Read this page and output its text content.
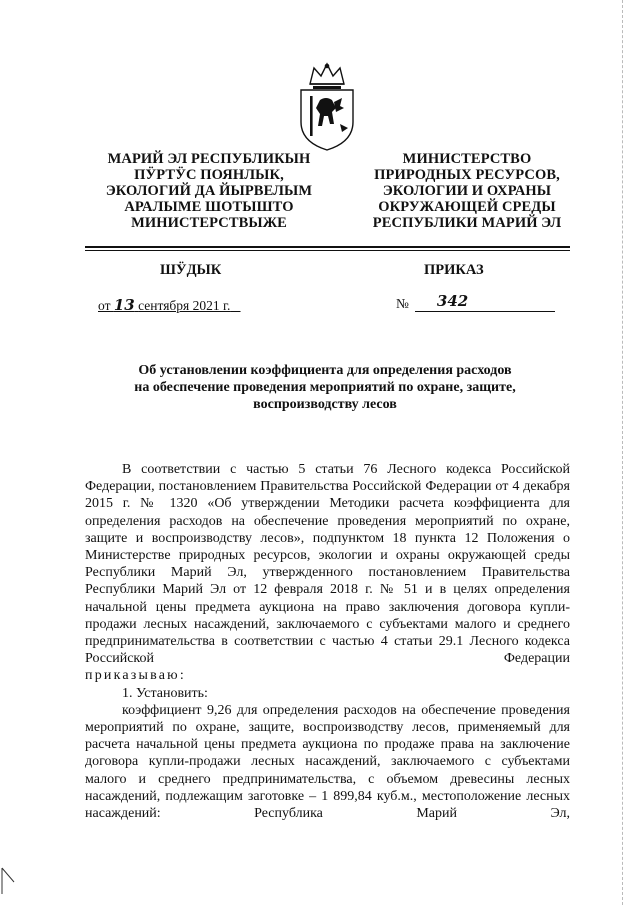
МАРИЙ ЭЛ РЕСПУБЛИКЫН
ПӰРТӰС ПОЯНЛЫК,
ЭКОЛОГИЙ ДА ЙЫРВЕЛЫМ
АРАЛЫМЕ ШОТЫШТО
МИНИСТЕРСТВЫЖЕ
МИНИСТЕРСТВО
ПРИРОДНЫХ РЕСУРСОВ,
ЭКОЛОГИИ И ОХРАНЫ
ОКРУЖАЮЩЕЙ СРЕДЫ
РЕСПУБЛИКИ МАРИЙ ЭЛ
ШӰДЫК	ПРИКАЗ
от 13 сентября 2021 г.	№ 342
Об установлении коэффициента для определения расходов
на обеспечение проведения мероприятий по охране, защите,
воспроизводству лесов

В соответствии с частью 5 статьи 76 Лесного кодекса Российской Федерации, постановлением Правительства Российской Федерации от 4 декабря 2015 г. № 1320 «Об утверждении Методики расчета коэффициента для определения расходов на обеспечение проведения мероприятий по охране, защите и воспроизводству лесов», подпунктом 18 пункта 12 Положения о Министерстве природных ресурсов, экологии и охраны окружающей среды Республики Марий Эл, утвержденного постановлением Правительства Республики Марий Эл от 12 февраля 2018 г. № 51 и в целях определения начальной цены предмета аукциона на право заключения договора купли-продажи лесных насаждений, заключаемого с субъектами малого и среднего предпринимательства в соответствии с частью 4 статьи 29.1 Лесного кодекса Российской Федерации

приказываю:

1. Установить:

коэффициент 9,26 для определения расходов на обеспечение проведения мероприятий по охране, защите, воспроизводству лесов, применяемый для расчета начальной цены предмета аукциона по продаже права на заключение договора купли-продажи лесных насаждений, заключаемого с субъектами малого и среднего предпринимательства, с объемом древесины лесных насаждений, подлежащим заготовке – 1 899,84 куб.м., местоположение лесных насаждений: Республика Марий Эл,
